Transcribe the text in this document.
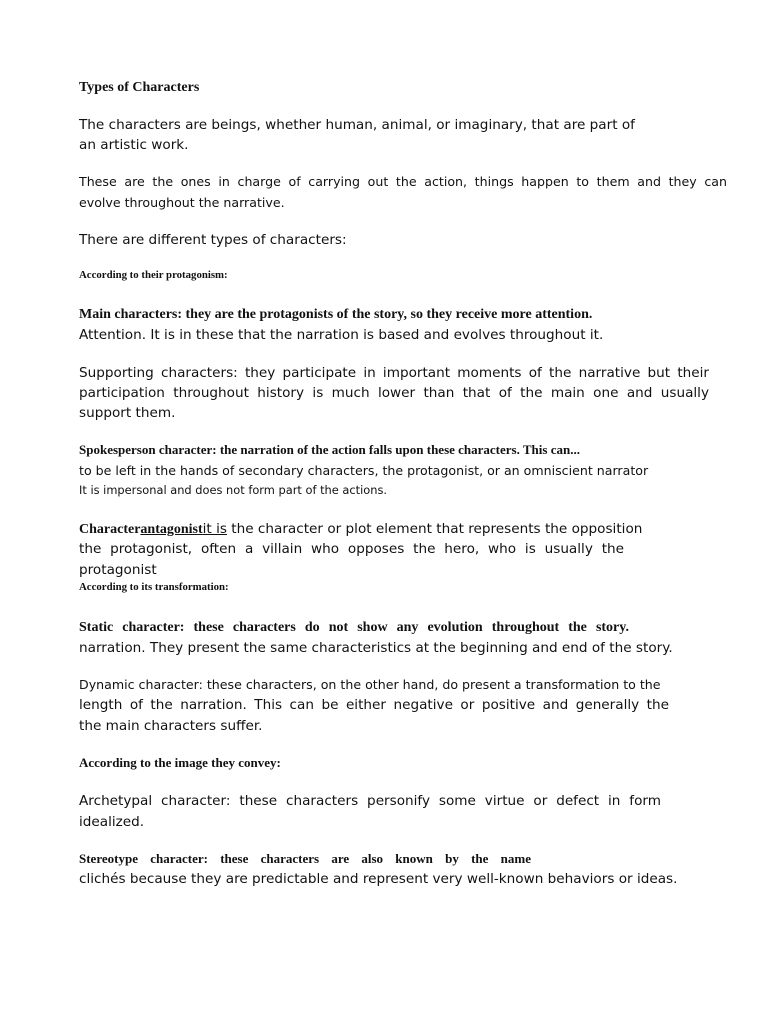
Types of Characters
The characters are beings, whether human, animal, or imaginary, that are part of
an artistic work.
These are the ones in charge of carrying out the action, things happen to them and they can
evolve throughout the narrative.
There are different types of characters:
According to their protagonism:
Main characters: they are the protagonists of the story, so they receive more attention.
Attention. It is in these that the narration is based and evolves throughout it.
Supporting characters: they participate in important moments of the narrative but their
participation throughout history is much lower than that of the main one and usually
support them.
Spokesperson character: the narration of the action falls upon these characters. This can...
to be left in the hands of secondary characters, the protagonist, or an omniscient narrator
It is impersonal and does not form part of the actions.
Characterantagonistit is the character or plot element that represents the opposition
the protagonist, often a villain who opposes the hero, who is usually the
protagonist
According to its transformation:
Static character: these characters do not show any evolution throughout the story.
narration. They present the same characteristics at the beginning and end of the story.
Dynamic character: these characters, on the other hand, do present a transformation to the
length of the narration. This can be either negative or positive and generally the
the main characters suffer.
According to the image they convey:
Archetypal character: these characters personify some virtue or defect in form
idealized.
Stereotype character: these characters are also known by the name
clichés because they are predictable and represent very well-known behaviors or ideas.
